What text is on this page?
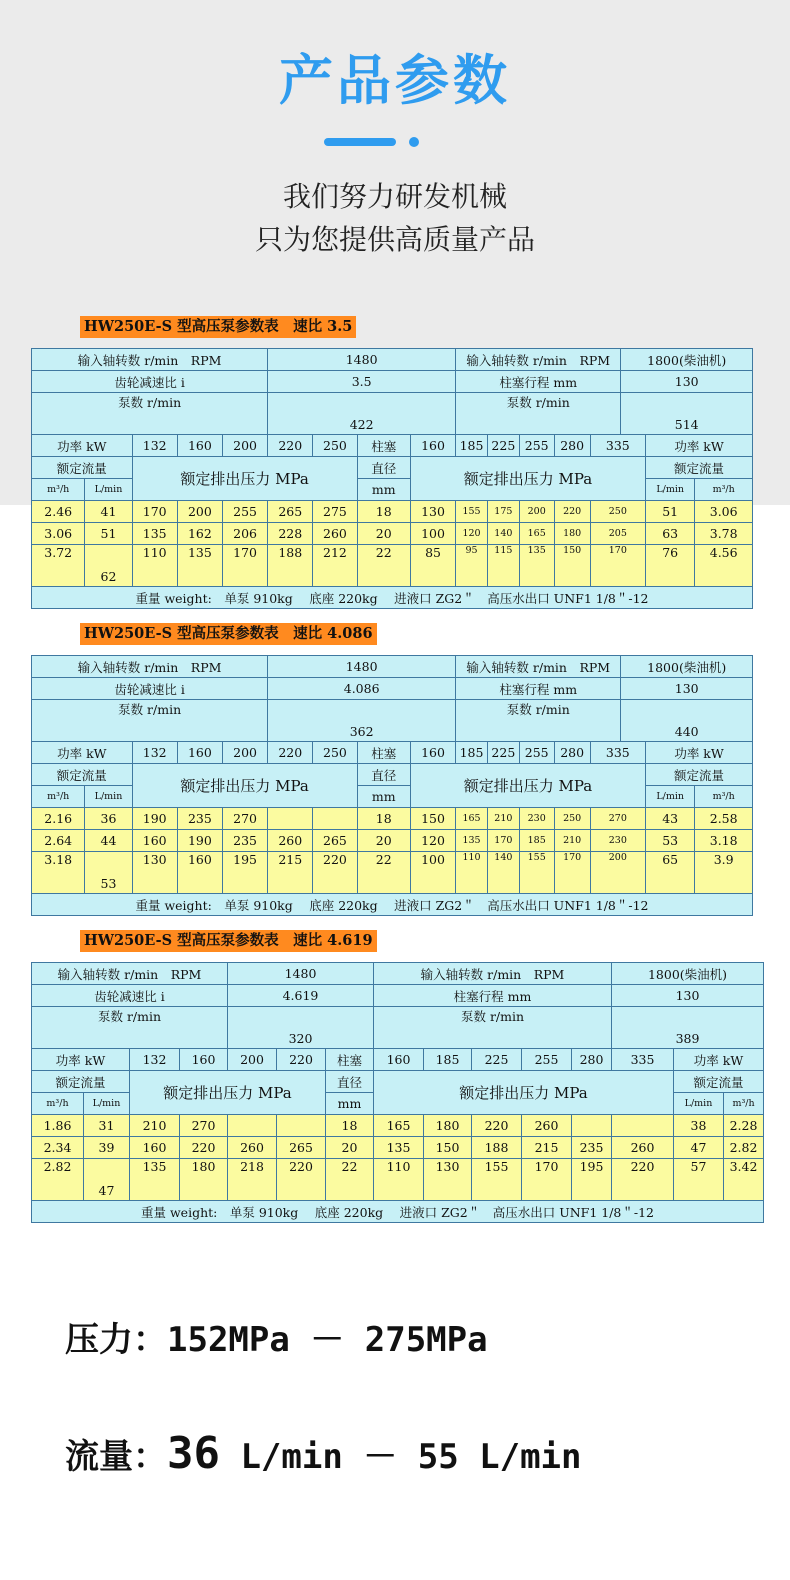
产品参数
我们努力研发机械
只为您提供高质量产品
HW250E-S 型高压泵参数表　速比 3.5
输入轴转数 r/min　RPM					1480				输入轴转数 r/min　RPM					1800(柴油机)		
齿轮减速比 i					3.5				柱塞行程 mm					130		
泵数 r/min					422				泵数 r/min					514		
功率 kW		132	160	200	220	250	柱塞	160	185	225	255	280	335		功率 kW	
额定流量		额定排出压力 MPa					直径	额定排出压力 MPa							额定流量	
m³/h	L/min						mm								L/min	m³/h
2.46	41	170	200	255	265	275	18	130	155	175	200	220	250		51	3.06
3.06	51	135	162	206	228	260	20	100	120	140	165	180	205		63	3.78
3.72	62	110	135	170	188	212	22	85	95	115	135	150	170		76	4.56
重量 weight:　单泵 910kg　 底座 220kg　 进液口 ZG2＂　高压水出口 UNF1 1/8＂-12																
HW250E-S 型高压泵参数表　速比 4.086
输入轴转数 r/min　RPM					1480				输入轴转数 r/min　RPM					1800(柴油机)		
齿轮减速比 i					4.086				柱塞行程 mm					130		
泵数 r/min					362				泵数 r/min					440		
功率 kW		132	160	200	220	250	柱塞	160	185	225	255	280	335		功率 kW	
额定流量		额定排出压力 MPa					直径	额定排出压力 MPa							额定流量	
m³/h	L/min						mm								L/min	m³/h
2.16	36	190	235	270			18	150	165	210	230	250	270		43	2.58
2.64	44	160	190	235	260	265	20	120	135	170	185	210	230		53	3.18
3.18	53	130	160	195	215	220	22	100	110	140	155	170	200		65	3.9
重量 weight:　单泵 910kg　 底座 220kg　 进液口 ZG2＂　高压水出口 UNF1 1/8＂-12																
HW250E-S 型高压泵参数表　速比 4.619
输入轴转数 r/min　RPM				1480			输入轴转数 r/min　RPM					1800(柴油机)		
齿轮减速比 i				4.619			柱塞行程 mm					130		
泵数 r/min				320			泵数 r/min					389		
功率 kW		132	160	200	220	柱塞	160	185	225	255	280	335	功率 kW	
额定流量		额定排出压力 MPa				直径	额定排出压力 MPa						额定流量	
m³/h	L/min					mm							L/min	m³/h
1.86	31	210	270			18	165	180	220	260			38	2.28
2.34	39	160	220	260	265	20	135	150	188	215	235	260	47	2.82
2.82	47	135	180	218	220	22	110	130	155	170	195	220	57	3.42
重量 weight:　单泵 910kg　 底座 220kg　 进液口 ZG2＂　高压水出口 UNF1 1/8＂-12														
压力：152MPa － 275MPa
流量：36 L/min － 55 L/min
